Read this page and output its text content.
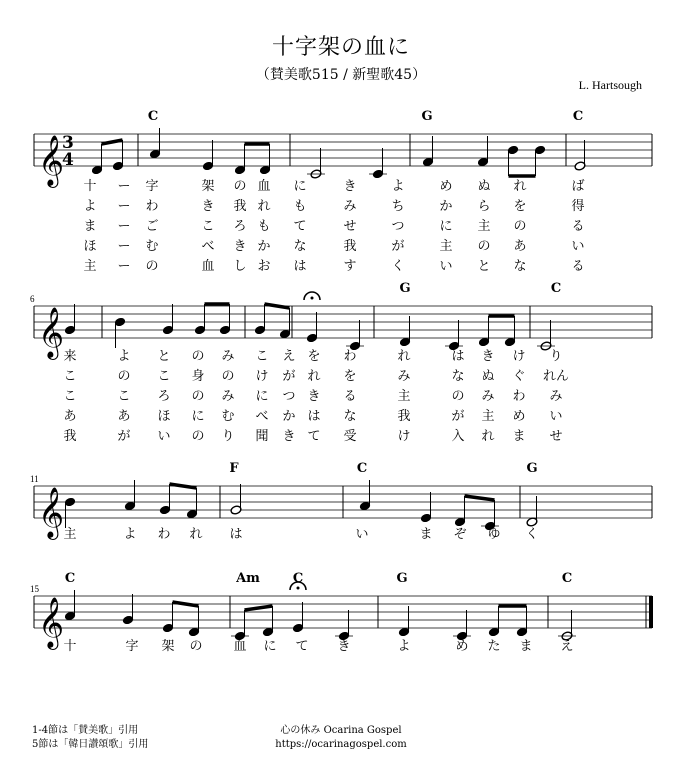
十字架の血に
（賛美歌515 / 新聖歌45）
L. Hartsough
𝄞
3
4
C	G	C
十 ー 字	架 の 血 に	き	よ	め ぬ れ	ば
よ ー わ	き 我 れ も	み	ち	か ら を	得
ま ー ご	こ ろ も て	せ	つ	に 主 の	る
ほ ー む	べ き か な	我	が	主 の あ	い
主 ー の	血 し お は	す	く	い と な	る
𝄞
6
G	C
来	よ と の み こ え を わ	れ	は き け り
こ	の こ 身 の け が れ を	み	な ぬ ぐ れん
こ	こ ろ の み に つ き る	主	の み わ み
あ	あ ほ に む べ か は な	我	が 主 め い
我	が い の り 聞 き て 受	け	入 れ ま せ
𝄞
11
F	C	G
主	よ わ れ は	い	ま ぞ ゆ く
𝄞
15
C	Am	C	G	C
十	字 架 の 血 に て き	よ	め た ま え
1-4節は「賛美歌」引用
5節は「韓日讃頌歌」引用
心の休み Ocarina Gospel
https://ocarinagospel.com
